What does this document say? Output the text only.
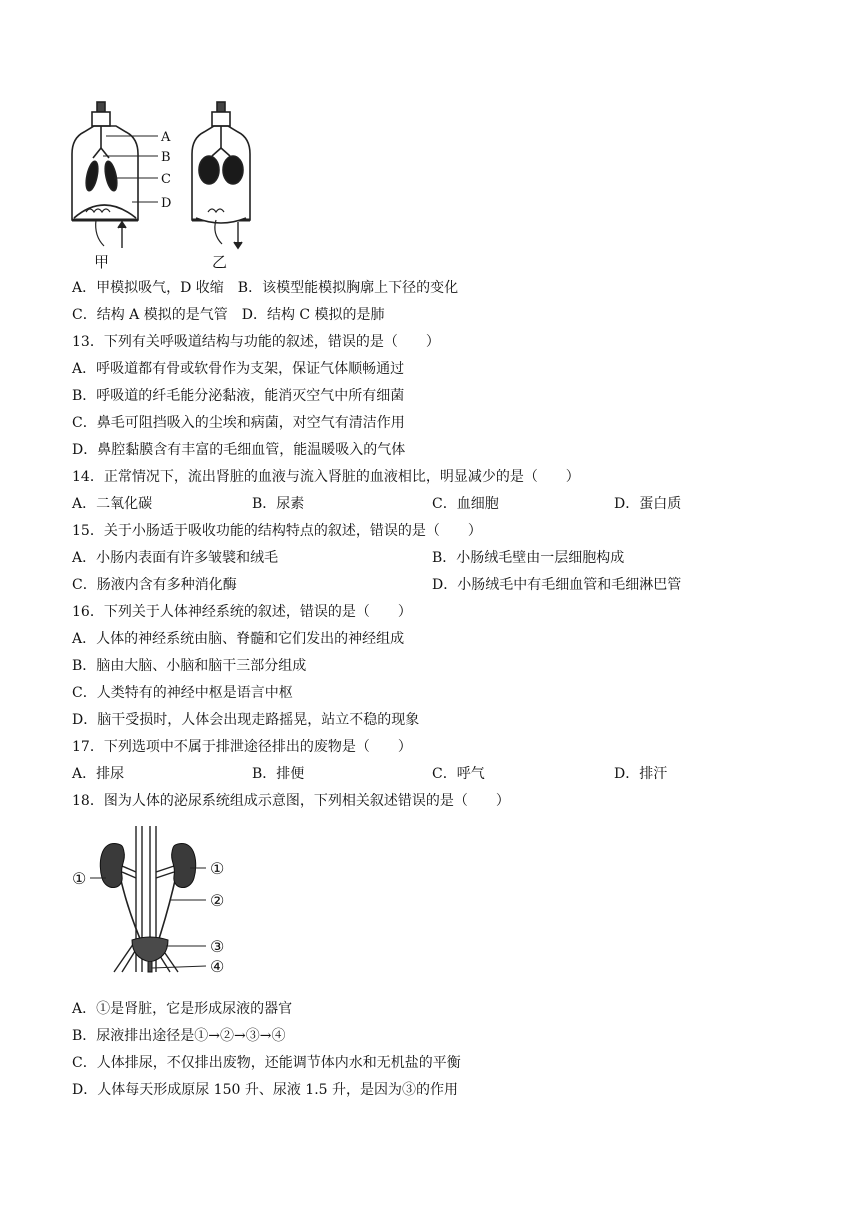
A
B
C
D
甲	乙
A．甲模拟吸气，D 收缩　B．该模型能模拟胸廓上下径的变化
C．结构 A 模拟的是气管　D．结构 C 模拟的是肺
13．下列有关呼吸道结构与功能的叙述，错误的是（　　）
A．呼吸道都有骨或软骨作为支架，保证气体顺畅通过
B．呼吸道的纤毛能分泌黏液，能消灭空气中所有细菌
C．鼻毛可阻挡吸入的尘埃和病菌，对空气有清洁作用
D．鼻腔黏膜含有丰富的毛细血管，能温暖吸入的气体
14．正常情况下，流出肾脏的血液与流入肾脏的血液相比，明显减少的是（　　）
A．二氧化碳	B．尿素	C．血细胞	D．蛋白质
15．关于小肠适于吸收功能的结构特点的叙述，错误的是（　　）
A．小肠内表面有许多皱襞和绒毛	B．小肠绒毛壁由一层细胞构成
C．肠液内含有多种消化酶	D．小肠绒毛中有毛细血管和毛细淋巴管
16．下列关于人体神经系统的叙述，错误的是（　　）
A．人体的神经系统由脑、脊髓和它们发出的神经组成
B．脑由大脑、小脑和脑干三部分组成
C．人类特有的神经中枢是语言中枢
D．脑干受损时，人体会出现走路摇晃，站立不稳的现象
17．下列选项中不属于排泄途径排出的废物是（　　）
A．排尿	B．排便	C．呼气	D．排汗
18．图为人体的泌尿系统组成示意图，下列相关叙述错误的是（　　）
①
①
②
③
④
A．①是肾脏，它是形成尿液的器官
B．尿液排出途径是①→②→③→④
C．人体排尿，不仅排出废物，还能调节体内水和无机盐的平衡
D．人体每天形成原尿 150 升、尿液 1.5 升，是因为③的作用
